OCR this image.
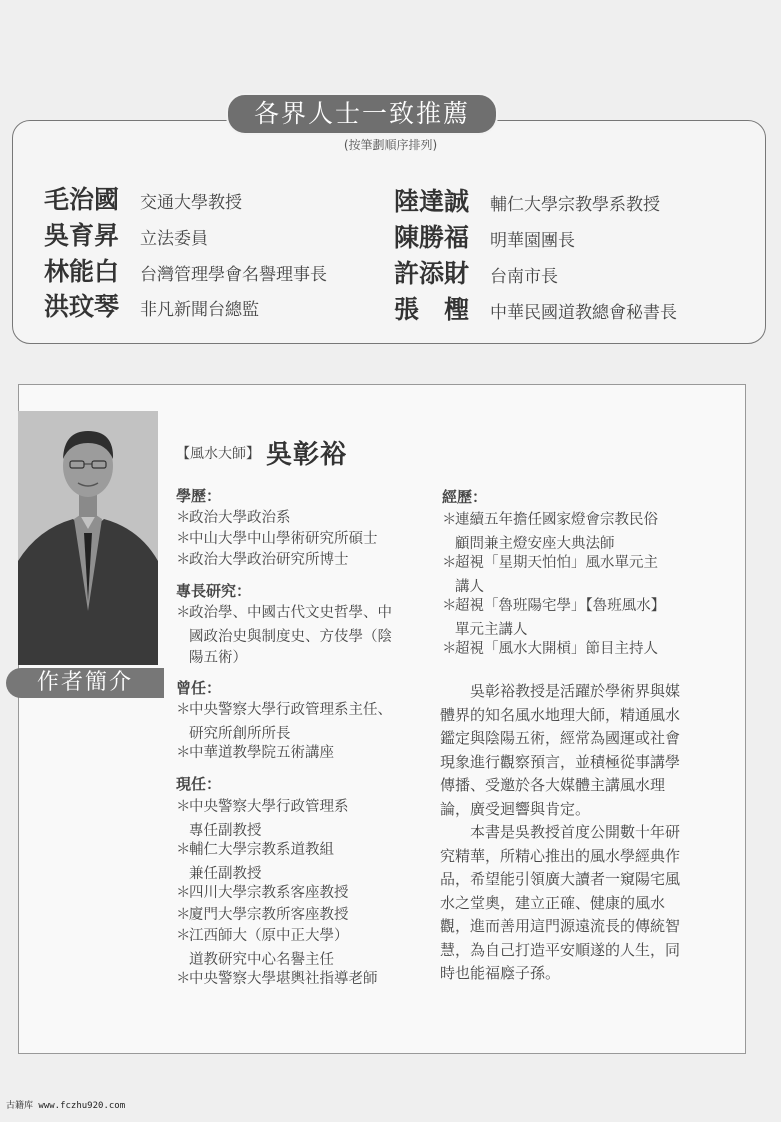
各界人士一致推薦
(按筆劃順序排列)
毛治國	交通大學教授
吳育昇	立法委員
林能白	台灣管理學會名譽理事長
洪玟琴	非凡新聞台總監
陸達誠	輔仁大學宗教學系教授
陳勝福	明華園團長
許添財	台南市長
張　檉	中華民國道教總會秘書長
作者簡介
【風水大師】 吳彰裕
學歷：
＊政治大學政治系
＊中山大學中山學術研究所碩士
＊政治大學政治研究所博士
專長研究：
＊政治學、中國古代文史哲學、中
國政治史與制度史、方伎學（陰
陽五術）
曾任：
＊中央警察大學行政管理系主任、
研究所創所所長
＊中華道教學院五術講座
現任：
＊中央警察大學行政管理系
專任副教授
＊輔仁大學宗教系道教組
兼任副教授
＊四川大學宗教系客座教授
＊廈門大學宗教所客座教授
＊江西師大（原中正大學）
道教研究中心名譽主任
＊中央警察大學堪輿社指導老師
經歷：
＊連續五年擔任國家燈會宗教民俗
顧問兼主燈安座大典法師
＊超視「星期天怕怕」風水單元主
講人
＊超視「魯班陽宅學」【魯班風水】
單元主講人
＊超視「風水大開槓」節目主持人

吳彰裕教授是活躍於學術界與媒體界的知名風水地理大師，精通風水鑑定與陰陽五術，經常為國運或社會現象進行觀察預言，並積極從事講學傳播、受邀於各大媒體主講風水理論，廣受迴響與肯定。

本書是吳教授首度公開數十年研究精華，所精心推出的風水學經典作品，希望能引領廣大讀者一窺陽宅風水之堂奧，建立正確、健康的風水觀，進而善用這門源遠流長的傳統智慧，為自己打造平安順遂的人生，同時也能福廕子孫。

古籍库 www.fczhu920.com
